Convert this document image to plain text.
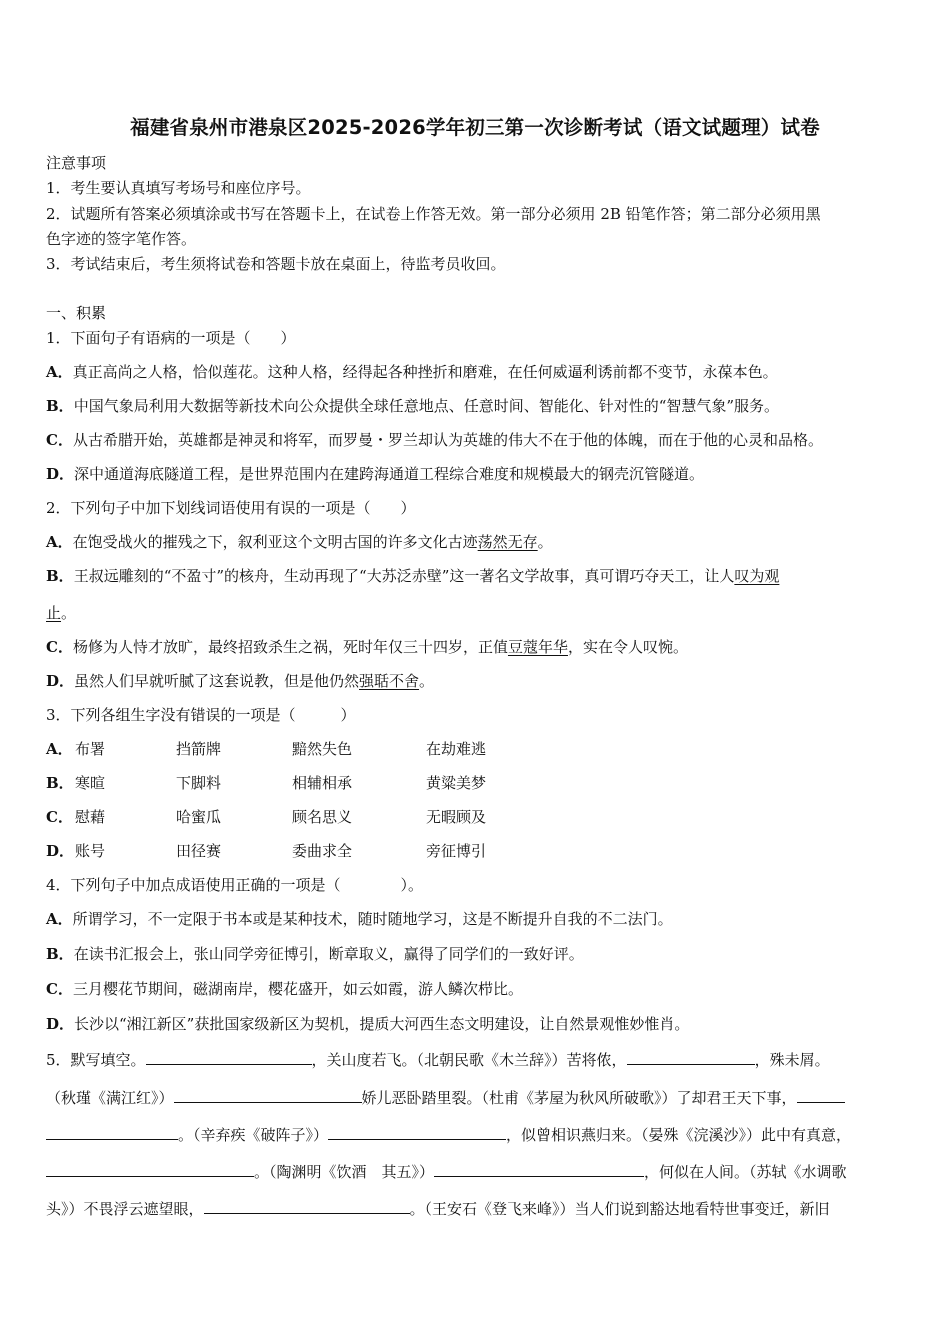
福建省泉州市港泉区2025-2026学年初三第一次诊断考试（语文试题理）试卷
注意事项
1．考生要认真填写考场号和座位序号。
2．试题所有答案必须填涂或书写在答题卡上，在试卷上作答无效。第一部分必须用 2B 铅笔作答；第二部分必须用黑
色字迹的签字笔作答。
3．考试结束后，考生须将试卷和答题卡放在桌面上，待监考员收回。
一、积累
1．下面句子有语病的一项是（　　）
A．真正高尚之人格，恰似莲花。这种人格，经得起各种挫折和磨难，在任何威逼利诱前都不变节，永葆本色。
B．中国气象局利用大数据等新技术向公众提供全球任意地点、任意时间、智能化、针对性的“智慧气象”服务。
C．从古希腊开始，英雄都是神灵和将军，而罗曼・罗兰却认为英雄的伟大不在于他的体魄，而在于他的心灵和品格。
D．深中通道海底隧道工程，是世界范围内在建跨海通道工程综合难度和规模最大的钢壳沉管隧道。
2．下列句子中加下划线词语使用有误的一项是（　　）
A．在饱受战火的摧残之下，叙利亚这个文明古国的许多文化古迹荡然无存。
B．王叔远雕刻的“不盈寸”的核舟，生动再现了“大苏泛赤壁”这一著名文学故事，真可谓巧夺天工，让人叹为观
止。
C．杨修为人恃才放旷，最终招致杀生之祸，死时年仅三十四岁，正值豆蔻年华，实在令人叹惋。
D．虽然人们早就听腻了这套说教，但是他仍然强聒不舍。
3．下列各组生字没有错误的一项是（　　　）
A． 布署	挡箭牌	黯然失色	在劫难逃
B． 寒暄	下脚料	相辅相承	黄粱美梦
C． 慰藉	哈蜜瓜	顾名思义	无暇顾及
D． 账号	田径赛	委曲求全	旁征博引
4．下列句子中加点成语使用正确的一项是（　　　　）。
A．所谓学习，不一定限于书本或是某种技术，随时随地学习，这是不断提升自我的不二法门。
B．在读书汇报会上，张山同学旁征博引，断章取义，赢得了同学们的一致好评。
C．三月樱花节期间，磁湖南岸，樱花盛开，如云如霞，游人鳞次栉比。
D．长沙以“湘江新区”获批国家级新区为契机，提质大河西生态文明建设，让自然景观惟妙惟肖。
5．默写填空。	，关山度若飞。（北朝民歌《木兰辞》）苦将侬，	，殊未屑。
（秋瑾《满江红》）	娇儿恶卧踏里裂。（杜甫《茅屋为秋风所破歌》）了却君王天下事，
。（辛弃疾《破阵子》）	，似曾相识燕归来。（晏殊《浣溪沙》）此中有真意，
。（陶渊明《饮酒　其五》）	，何似在人间。（苏轼《水调歌
头》）不畏浮云遮望眼，	。（王安石《登飞来峰》）当人们说到豁达地看特世事变迁，新旧
